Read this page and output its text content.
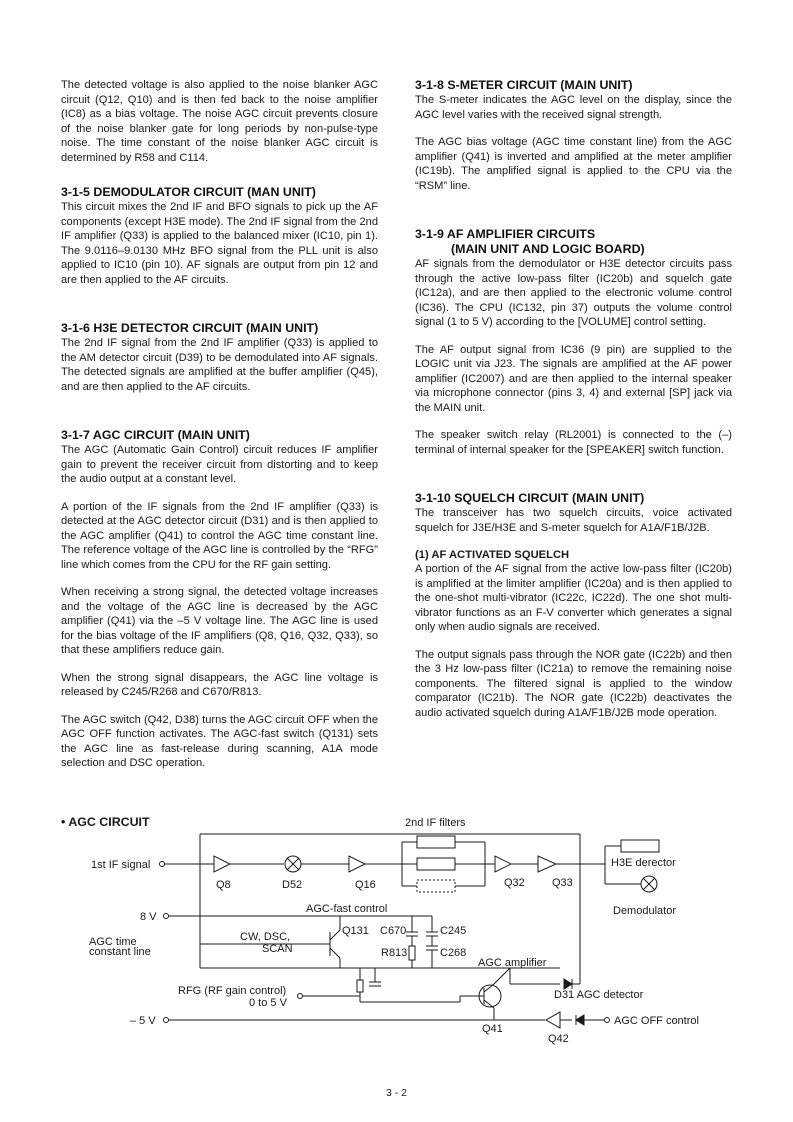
The detected voltage is also applied to the noise blanker AGC circuit (Q12, Q10) and is then fed back to the noise amplifier (IC8) as a bias voltage. The noise AGC circuit prevents closure of the noise blanker gate for long periods by non-pulse-type noise. The time constant of the noise blanker AGC circuit is determined by R58 and C114.

3-1-5 DEMODULATOR CIRCUIT (MAN UNIT)

This circuit mixes the 2nd IF and BFO signals to pick up the AF components (except H3E mode). The 2nd IF signal from the 2nd IF amplifier (Q33) is applied to the balanced mixer (IC10, pin 1). The 9.0116–9.0130 MHz BFO signal from the PLL unit is also applied to IC10 (pin 10). AF signals are output from pin 12 and are then applied to the AF circuits.

3-1-6 H3E DETECTOR CIRCUIT (MAIN UNIT)

The 2nd IF signal from the 2nd IF amplifier (Q33) is applied to the AM detector circuit (D39) to be demodulated into AF signals. The detected signals are amplified at the buffer amplifier (Q45), and are then applied to the AF circuits.

3-1-7 AGC CIRCUIT (MAIN UNIT)

The AGC (Automatic Gain Control) circuit reduces IF amplifier gain to prevent the receiver circuit from distorting and to keep the audio output at a constant level.

A portion of the IF signals from the 2nd IF amplifier (Q33) is detected at the AGC detector circuit (D31) and is then applied to the AGC amplifier (Q41) to control the AGC time constant line. The reference voltage of the AGC line is controlled by the “RFG” line which comes from the CPU for the RF gain setting.

When receiving a strong signal, the detected voltage increases and the voltage of the AGC line is decreased by the AGC amplifier (Q41) via the –5 V voltage line. The AGC line is used for the bias voltage of the IF amplifiers (Q8, Q16, Q32, Q33), so that these amplifiers reduce gain.

When the strong signal disappears, the AGC line voltage is released by C245/R268 and C670/R813.

The AGC switch (Q42, D38) turns the AGC circuit OFF when the AGC OFF function activates. The AGC-fast switch (Q131) sets the AGC line as fast-release during scanning, A1A mode selection and DSC operation.

3-1-8 S-METER CIRCUIT (MAIN UNIT)

The S-meter indicates the AGC level on the display, since the AGC level varies with the received signal strength.

The AGC bias voltage (AGC time constant line) from the AGC amplifier (Q41) is inverted and amplified at the meter amplifier (IC19b). The amplified signal is applied to the CPU via the “RSM” line.

3-1-9 AF AMPLIFIER CIRCUITS
(MAIN UNIT AND LOGIC BOARD)

AF signals from the demodulator or H3E detector circuits pass through the active low-pass filter (IC20b) and squelch gate (IC12a), and are then applied to the electronic volume control (IC36). The CPU (IC132, pin 37) outputs the volume control signal (1 to 5 V) according to the [VOLUME] control setting.

The AF output signal from IC36 (9 pin) are supplied to the LOGIC unit via J23. The signals are amplified at the AF power amplifier (IC2007) and are then applied to the internal speaker via microphone connector (pins 3, 4) and external [SP] jack via the MAIN unit.

The speaker switch relay (RL2001) is connected to the (–) terminal of internal speaker for the [SPEAKER] switch function.

3-1-10 SQUELCH CIRCUIT (MAIN UNIT)

The transceiver has two squelch circuits, voice activated squelch for J3E/H3E and S-meter squelch for A1A/F1B/J2B.

(1) AF ACTIVATED SQUELCH

A portion of the AF signal from the active low-pass filter (IC20b) is amplified at the limiter amplifier (IC20a) and is then applied to the one-shot multi-vibrator (IC22c, IC22d). The one shot multi-vibrator functions as an F-V converter which generates a signal only when audio signals are received.

The output signals pass through the NOR gate (IC22b) and then the 3 Hz low-pass filter (IC21a) to remove the remaining noise components. The filtered signal is applied to the window comparator (IC21b). The NOR gate (IC22b) deactivates the audio activated squelch during A1A/F1B/J2B mode operation.

• AGC CIRCUIT	2nd IF filters
1st IF signal
Q8	D52	Q16	Q32 Q33
H3E derector
Demodulator
8 V
AGC-fast control
CW, DSC,
SCAN
Q131 C670	C245
R813	C268
AGC time
constant line
AGC amplifier
RFG (RF gain control)
0 to 5 V
D31 AGC detector
– 5 V
Q41
AGC OFF control
Q42
3 - 2
